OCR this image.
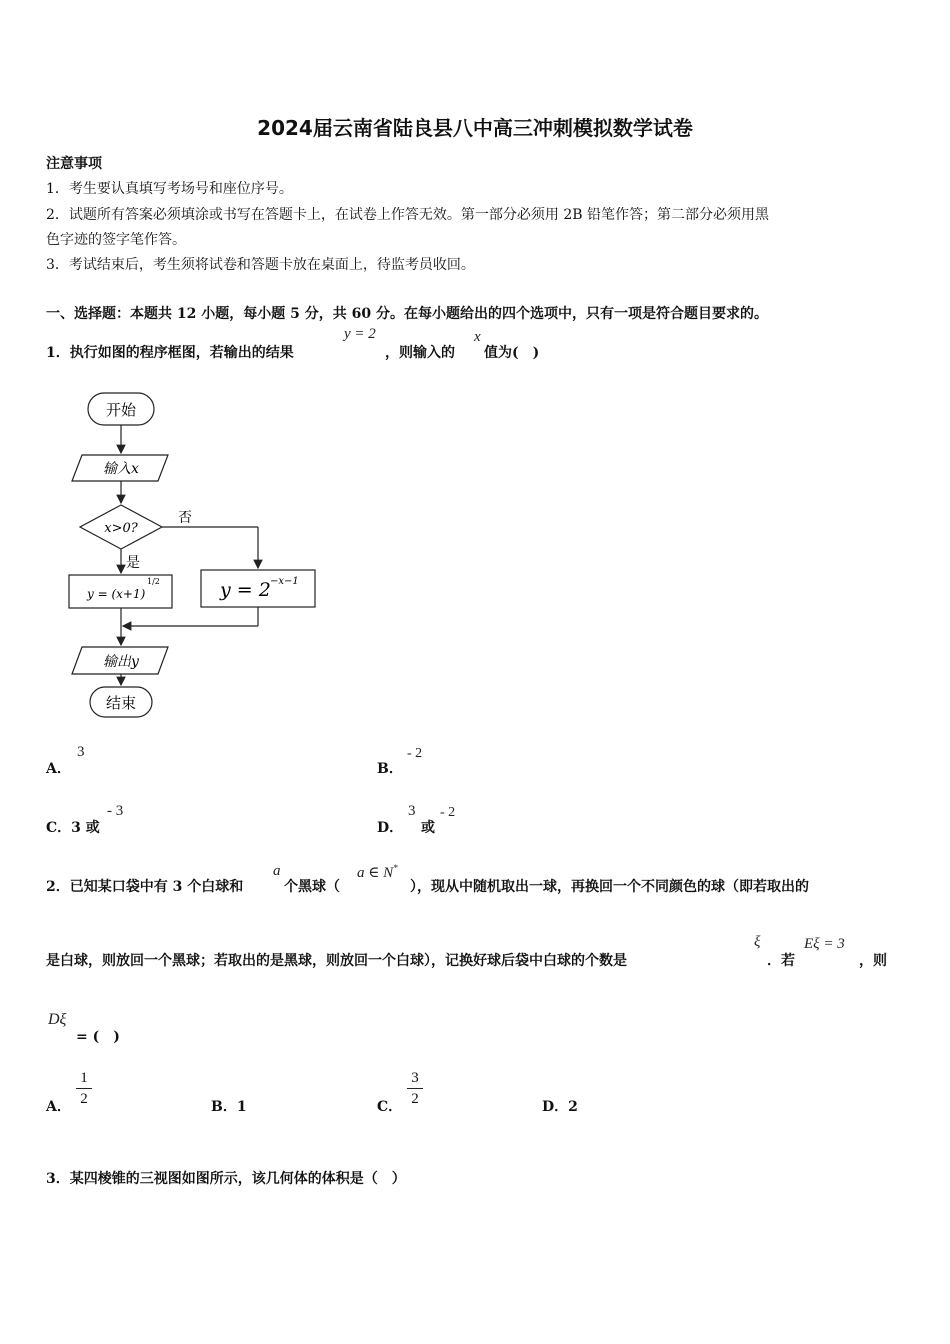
2024届云南省陆良县八中高三冲刺模拟数学试卷
注意事项
1．考生要认真填写考场号和座位序号。
2．试题所有答案必须填涂或书写在答题卡上，在试卷上作答无效。第一部分必须用 2B 铅笔作答；第二部分必须用黑
色字迹的签字笔作答。
3．考试结束后，考生须将试卷和答题卡放在桌面上，待监考员收回。
一、选择题：本题共 12 小题，每小题 5 分，共 60 分。在每小题给出的四个选项中，只有一项是符合题目要求的。
1．执行如图的程序框图，若输出的结果
y = 2
，则输入的
x
值为(　)
开始
输入x
x>0?
否
是
y = (x+1)
1/2	y = 2 −x−1
输出y
结束
A．
3
B．
- 2
C．3 或
- 3
D．
3
或
- 2
2．已知某口袋中有 3 个白球和
a
个黑球（
a ∈ N*
），现从中随机取出一球，再换回一个不同颜色的球（即若取出的
是白球，则放回一个黑球；若取出的是黑球，则放回一个白球），记换好球后袋中白球的个数是
ξ
．若
Eξ = 3
，则
Dξ
= (　)
A．
1
2	B．1	C．
3
2	D．2
3．某四棱锥的三视图如图所示，该几何体的体积是（　）
